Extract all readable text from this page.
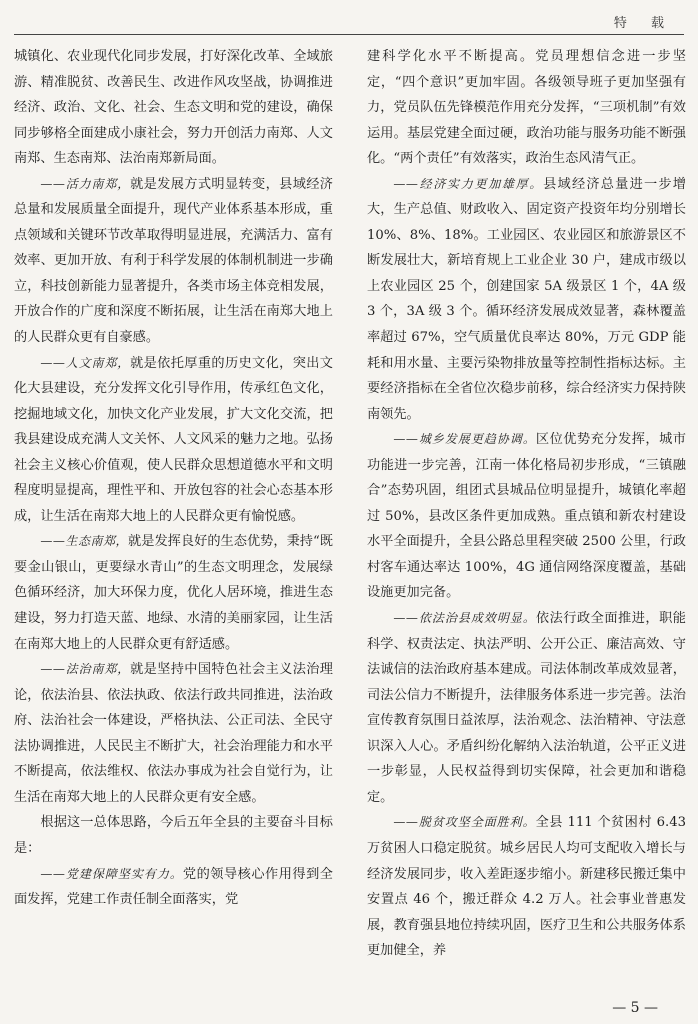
特 载

城镇化、农业现代化同步发展，打好深化改革、全域旅游、精准脱贫、改善民生、改进作风攻坚战，协调推进经济、政治、文化、社会、生态文明和党的建设，确保同步够格全面建成小康社会，努力开创活力南郑、人文南郑、生态南郑、法治南郑新局面。

——活力南郑，就是发展方式明显转变，县域经济总量和发展质量全面提升，现代产业体系基本形成，重点领域和关键环节改革取得明显进展，充满活力、富有效率、更加开放、有利于科学发展的体制机制进一步确立，科技创新能力显著提升，各类市场主体竞相发展，开放合作的广度和深度不断拓展，让生活在南郑大地上的人民群众更有自豪感。

——人文南郑，就是依托厚重的历史文化，突出文化大县建设，充分发挥文化引导作用，传承红色文化，挖掘地域文化，加快文化产业发展，扩大文化交流，把我县建设成充满人文关怀、人文风采的魅力之地。弘扬社会主义核心价值观，使人民群众思想道德水平和文明程度明显提高，理性平和、开放包容的社会心态基本形成，让生活在南郑大地上的人民群众更有愉悦感。

——生态南郑，就是发挥良好的生态优势，秉持“既要金山银山，更要绿水青山”的生态文明理念，发展绿色循环经济，加大环保力度，优化人居环境，推进生态建设，努力打造天蓝、地绿、水清的美丽家园，让生活在南郑大地上的人民群众更有舒适感。

——法治南郑，就是坚持中国特色社会主义法治理论，依法治县、依法执政、依法行政共同推进，法治政府、法治社会一体建设，严格执法、公正司法、全民守法协调推进，人民民主不断扩大，社会治理能力和水平不断提高，依法维权、依法办事成为社会自觉行为，让生活在南郑大地上的人民群众更有安全感。

根据这一总体思路，今后五年全县的主要奋斗目标是：

——党建保障坚实有力。党的领导核心作用得到全面发挥，党建工作责任制全面落实，党

建科学化水平不断提高。党员理想信念进一步坚定，“四个意识”更加牢固。各级领导班子更加坚强有力，党员队伍先锋模范作用充分发挥，“三项机制”有效运用。基层党建全面过硬，政治功能与服务功能不断强化。“两个责任”有效落实，政治生态风清气正。

——经济实力更加雄厚。县域经济总量进一步增大，生产总值、财政收入、固定资产投资年均分别增长 10%、8%、18%。工业园区、农业园区和旅游景区不断发展壮大，新培育规上工业企业 30 户，建成市级以上农业园区 25 个，创建国家 5A 级景区 1 个，4A 级 3 个，3A 级 3 个。循环经济发展成效显著，森林覆盖率超过 67%，空气质量优良率达 80%，万元 GDP 能耗和用水量、主要污染物排放量等控制性指标达标。主要经济指标在全省位次稳步前移，综合经济实力保持陕南领先。

——城乡发展更趋协调。区位优势充分发挥，城市功能进一步完善，江南一体化格局初步形成，“三镇融合”态势巩固，组团式县城品位明显提升，城镇化率超过 50%，县改区条件更加成熟。重点镇和新农村建设水平全面提升，全县公路总里程突破 2500 公里，行政村客车通达率达 100%，4G 通信网络深度覆盖，基础设施更加完备。

——依法治县成效明显。依法行政全面推进，职能科学、权责法定、执法严明、公开公正、廉洁高效、守法诚信的法治政府基本建成。司法体制改革成效显著，司法公信力不断提升，法律服务体系进一步完善。法治宣传教育氛围日益浓厚，法治观念、法治精神、守法意识深入人心。矛盾纠纷化解纳入法治轨道，公平正义进一步彰显，人民权益得到切实保障，社会更加和谐稳定。

——脱贫攻坚全面胜利。全县 111 个贫困村 6.43 万贫困人口稳定脱贫。城乡居民人均可支配收入增长与经济发展同步，收入差距逐步缩小。新建移民搬迁集中安置点 46 个，搬迁群众 4.2 万人。社会事业普惠发展，教育强县地位持续巩固，医疗卫生和公共服务体系更加健全，养

— 5 —
